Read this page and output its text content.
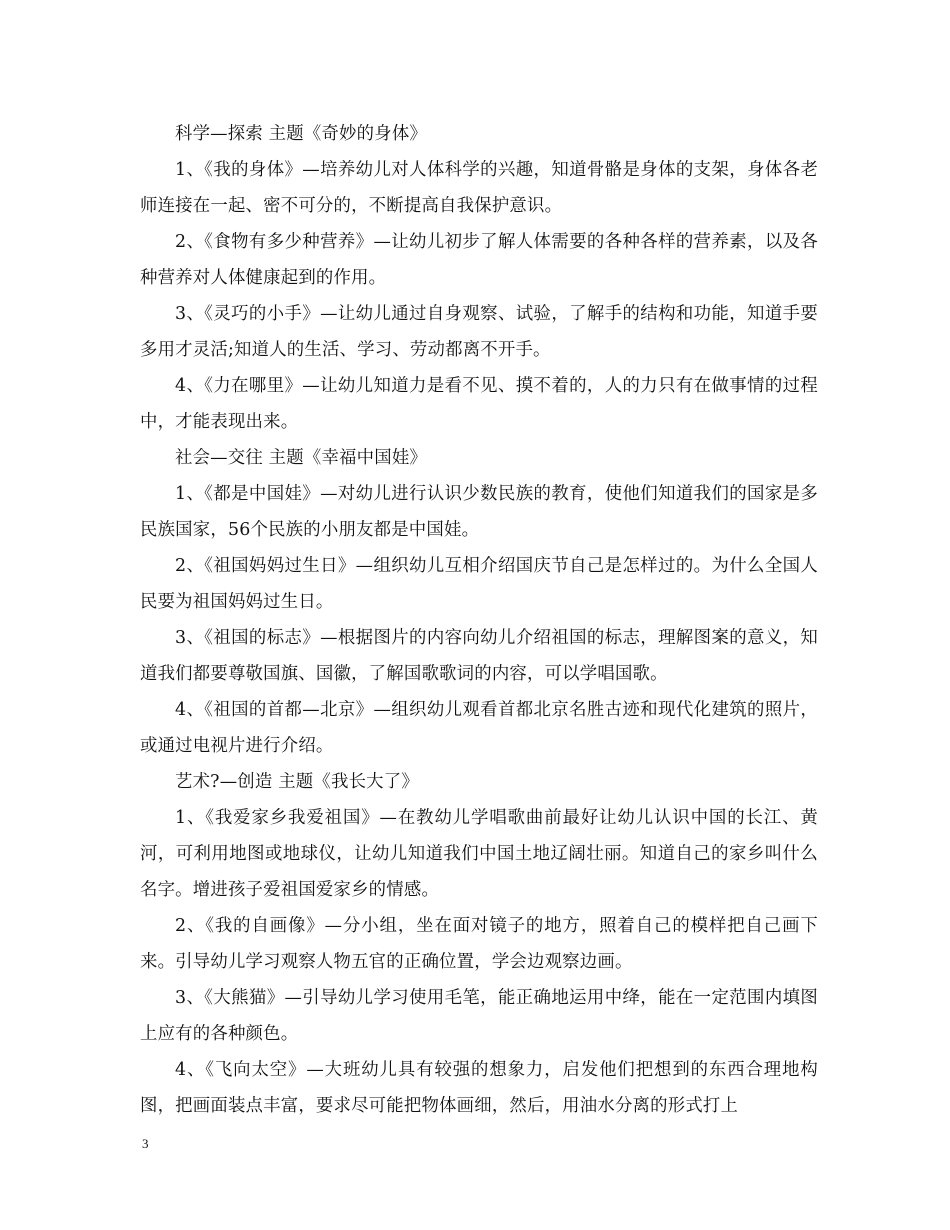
科学—探索 主题《奇妙的身体》

1、《我的身体》—培养幼儿对人体科学的兴趣，知道骨骼是身体的支架，身体各老师连接在一起、密不可分的，不断提高自我保护意识。

2、《食物有多少种营养》—让幼儿初步了解人体需要的各种各样的营养素，以及各种营养对人体健康起到的作用。

3、《灵巧的小手》—让幼儿通过自身观察、试验，了解手的结构和功能，知道手要多用才灵活;知道人的生活、学习、劳动都离不开手。

4、《力在哪里》—让幼儿知道力是看不见、摸不着的，人的力只有在做事情的过程中，才能表现出来。

社会—交往 主题《幸福中国娃》

1、《都是中国娃》—对幼儿进行认识少数民族的教育，使他们知道我们的国家是多民族国家，56个民族的小朋友都是中国娃。

2、《祖国妈妈过生日》—组织幼儿互相介绍国庆节自己是怎样过的。为什么全国人民要为祖国妈妈过生日。

3、《祖国的标志》—根据图片的内容向幼儿介绍祖国的标志，理解图案的意义，知道我们都要尊敬国旗、国徽，了解国歌歌词的内容，可以学唱国歌。

4、《祖国的首都—北京》—组织幼儿观看首都北京名胜古迹和现代化建筑的照片，或通过电视片进行介绍。

艺术?—创造 主题《我长大了》

1、《我爱家乡我爱祖国》—在教幼儿学唱歌曲前最好让幼儿认识中国的长江、黄河，可利用地图或地球仪，让幼儿知道我们中国土地辽阔壮丽。知道自己的家乡叫什么名字。增进孩子爱祖国爱家乡的情感。

2、《我的自画像》—分小组，坐在面对镜子的地方，照着自己的模样把自己画下来。引导幼儿学习观察人物五官的正确位置，学会边观察边画。

3、《大熊猫》—引导幼儿学习使用毛笔，能正确地运用中绛，能在一定范围内填图上应有的各种颜色。

4、《飞向太空》—大班幼儿具有较强的想象力，启发他们把想到的东西合理地构图，把画面装点丰富，要求尽可能把物体画细，然后，用油水分离的形式打上

3
